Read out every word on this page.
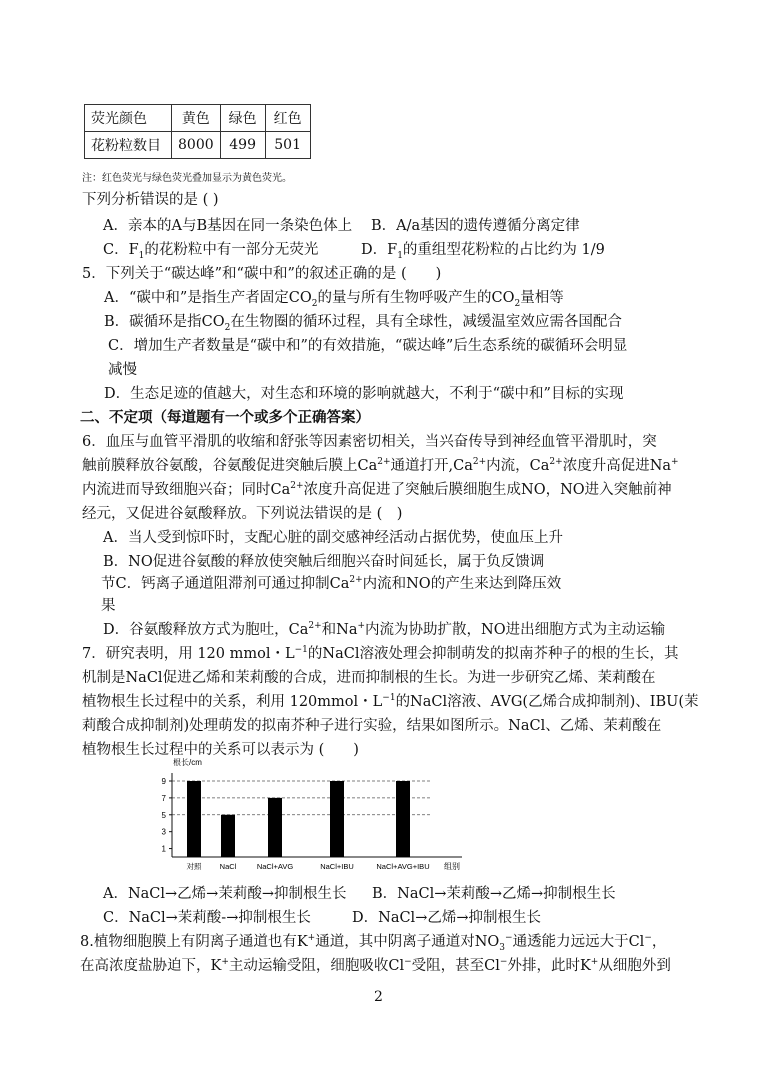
荧光颜色	黄色	绿色	红色
花粉粒数目	8000	499	501
注：红色荧光与绿色荧光叠加显示为黄色荧光。
下列分析错误的是 ( )
A．亲本的A与B基因在同一条染色体上 B．A/a基因的遗传遵循分离定律
C．$F_1$的花粉粒中有一部分无荧光	D．$F_1$的重组型花粉粒的占比约为 1/9
5．下列关于“碳达峰”和“碳中和”的叙述正确的是 (　　)
A．“碳中和”是指生产者固定$CO_2$的量与所有生物呼吸产生的$CO_2$量相等
B．碳循环是指$CO_2$在生物圈的循环过程，具有全球性，减缓温室效应需各国配合
C．增加生产者数量是“碳中和”的有效措施，“碳达峰”后生态系统的碳循环会明显
减慢
D．生态足迹的值越大，对生态和环境的影响就越大，不利于“碳中和”目标的实现
二、不定项（每道题有一个或多个正确答案）
6．血压与血管平滑肌的收缩和舒张等因素密切相关，当兴奋传导到神经血管平滑肌时，突
触前膜释放谷氨酸，谷氨酸促进突触后膜上$Ca^{2+}$通道打开$,Ca^{2+}$内流，$Ca^{2+}$浓度升高促进Na+
内流进而导致细胞兴奋；同时$Ca^{2+}$浓度升高促进了突触后膜细胞生成NO，NO进入突触前神
经元，又促进谷氨酸释放。下列说法错误的是 (　)
A．当人受到惊吓时，支配心脏的副交感神经活动占据优势，使血压上升
B．NO促进谷氨酸的释放使突触后细胞兴奋时间延长，属于负反馈调
节C．钙离子通道阻滞剂可通过抑制$Ca^{2+}$内流和NO的产生来达到降压效
果
D．谷氨酸释放方式为胞吐，$Ca^{2+}$和Na+内流为协助扩散，NO进出细胞方式为主动运输
7．研究表明，用 120 mmol・$L^{-1}$的NaCl溶液处理会抑制萌发的拟南芥种子的根的生长，其
机制是NaCl促进乙烯和茉莉酸的合成，进而抑制根的生长。为进一步研究乙烯、茉莉酸在
植物根生长过程中的关系，利用 120mmol・$L^{-1}$的NaCl溶液、AVG(乙烯合成抑制剂)、IBU(茉
莉酸合成抑制剂)处理萌发的拟南芥种子进行实验，结果如图所示。NaCl、乙烯、茉莉酸在
植物根生长过程中的关系可以表示为 (　　)
1
3
5
7
9
根长/cm
对照 NaCl	NaCl+AVG	NaCl+IBU	NaCl+AVG+IBU 组别
A．NaCl→乙烯→茉莉酸→抑制根生长 B．NaCl→茉莉酸→乙烯→抑制根生长
C．NaCl→茉莉酸-→抑制根生长	D．NaCl→乙烯→抑制根生长
8.植物细胞膜上有阴离子通道也有K+通道，其中阴离子通道对$NO_3^-$通透能力远远大于Cl−，
在高浓度盐胁迫下，K+主动运输受阻，细胞吸收Cl−受阻，甚至Cl−外排，此时K+从细胞外到
2
